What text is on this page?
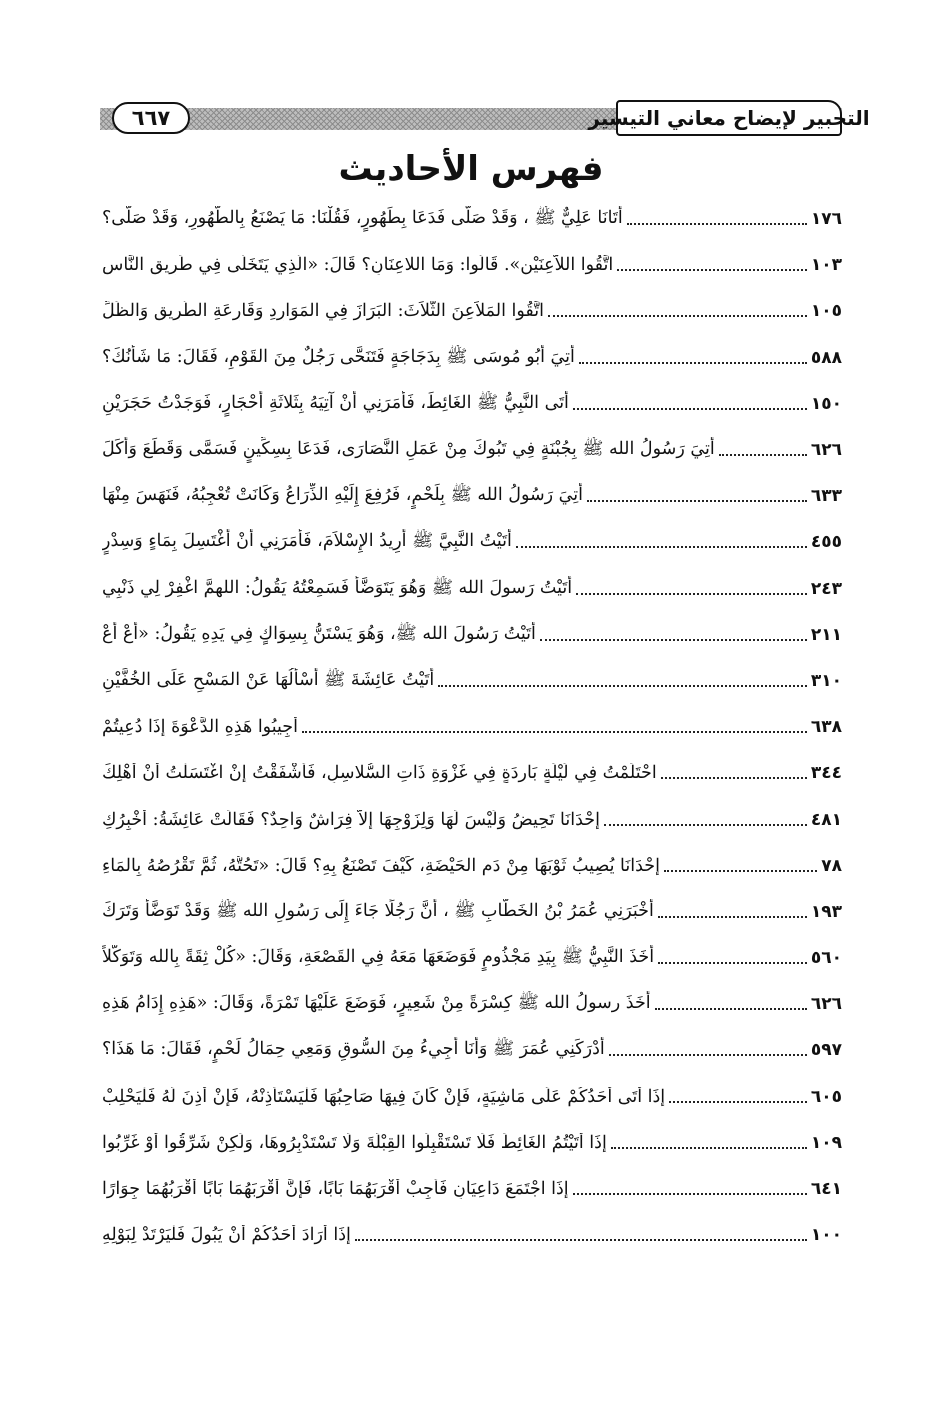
التحبير لإيضاح معاني التيسير
٦٦٧
فهرس الأحاديث
أَتَانَا عَلِيٌّ ﷺ ، وَقَدْ صَلَّى فَدَعَا بِطَهُورٍ، فَقُلْنَا: مَا يَصْنَعُ بِالطَّهُورِ، وَقَدْ صَلَّى؟	١٧٦
اتَّقُوا اللاَّعِنَيْنِ». قَالُوا: وَمَا اللاعِنَانِ؟ قَالَ: «الَّذِي يَتَخَلَّى فِي طَرِيقِ النَّاسِ	١٠٣
اتَّقُوا المَلاَعِنَ الثَّلاَثَ: البَرَازَ فِي المَوَارِدِ وَقَارِعَةِ الطَّرِيقِ وَالظِّلِّ	١٠٥
أُتِيَ أَبُو مُوسَى ﷺ بِدَجَاجَةٍ فَتَنَحَّى رَجُلٌ مِنَ القَوْمِ، فَقَالَ: مَا شَأْنُكَ؟	٥٨٨
أَتَى النَّبِيُّ ﷺ الغَائِطَ، فَأَمَرَنِي أَنْ آتِيَهُ بِثَلاثَةِ أَحْجَارٍ، فَوَجَدْتُ حَجَرَيْنِ	١٥٠
أُتِيَ رَسُولُ الله ﷺ بِجُبْنَةٍ فِي تَبُوكَ مِنْ عَمَلِ النَّصَارَى، فَدَعَا بِسِكِّينٍ فَسَمَّى وَقَطَعَ وَأَكَلَ	٦٢٦
أُتِيَ رَسُولُ الله ﷺ بِلَحْمٍ، فَرُفِعَ إِلَيْهِ الذِّرَاعُ وَكَانَتْ تُعْجِبُهُ، فَنَهَسَ مِنْهَا	٦٣٣
أَتَيْتُ النَّبِيَّ ﷺ أُرِيدُ الإِسْلاَمَ، فَأَمَرَنِي أَنْ أَغْتَسِلَ بِمَاءٍ وَسِدْرٍ	٤٥٥
أَتَيْتُ رَسولَ الله ﷺ وَهُوَ يَتَوَضَّأُ فَسَمِعْتُهُ يَقُولُ: اللهمَّ اغْفِرْ لِي ذَنْبِي	٢٤٣
أَتَيْتُ رَسُولَ الله ﷺ، وَهُوَ يَسْتَنُّ بِسِوَاكٍ فِي يَدِهِ يَقُولُ: «أُعْ أُعْ	٢١١
أَتَيْتُ عَائِشَةَ ﷺ أَسْأَلُهَا عَنْ المَسْحِ عَلَى الخُفَّيْنِ	٣١٠
أَجِيبُوا هَذِهِ الدَّعْوَةَ إِذَا دُعِيتُمْ	٦٣٨
احْتَلَمْتُ فِي لَيْلَةٍ بَارِدَةٍ فِي غَزْوَةِ ذَاتِ السُّلاسِلِ، فَأَشْفَقْتُ إِنْ اغْتَسَلْتُ أَنْ أَهْلِكَ	٣٤٤
إِحْدَانَا تَحِيضُ وَلَيْسَ لَهَا وَلِزَوْجِهَا إِلاَّ فِرَاشٌ وَاحِدٌ؟ فَقَالَتْ عَائِشَةُ: أُخْبِرُكِ	٤٨١
إِحْدَانَا يُصِيبُ ثَوْبَهَا مِنْ دَمِ الحَيْضَةِ، كَيْفَ تَصْنَعُ بِهِ؟ قَالَ: «تَحُتُّهُ، ثُمَّ تَقْرُصُهُ بِالمَاءِ	٧٨
أَخْبَرَنِي عُمَرُ بْنُ الخَطَّابِ ﷺ ، أَنَّ رَجُلًا جَاءَ إِلَى رَسُولِ الله ﷺ وَقَدْ تَوَضَّأَ وَتَرَكَ	١٩٣
أَخَذَ النَّبِيُّ ﷺ بِيَدِ مَجْذُومٍ فَوَضَعَهَا مَعَهُ فِي القَصْعَةِ، وَقَالَ: «كُلْ ثِقَةً بِالله وَتَوَكُّلاً	٥٦٠
أَخَذَ رسولُ الله ﷺ كِسْرَةً مِنْ شَعِيرٍ، فَوَضَعَ عَلَيْهَا تَمْرَةً، وَقَالَ: «هَذِهِ إِدَامُ هَذِهِ	٦٢٦
أَدْرَكَنِي عُمَرَ ﷺ وَأَنَا أَجِيءُ مِنَ السُّوقِ وَمَعِي حِمَالُ لَحْمٍ، فَقَالَ: مَا هَذَا؟	٥٩٧
إِذَا أَتَى أَحَدُكُمْ عَلَى مَاشِيَةٍ، فَإِنْ كَانَ فِيهَا صَاحِبُهَا فَلْيَسْتَأْذِنْهُ، فَإِنْ أَذِنَ لَهُ فَلْيَحْلِبْ	٦٠٥
إِذَا أَتَيْتُمُ الغَائِطَ فَلَا تَسْتَقْبِلُوا القِبْلَةَ وَلَا تَسْتَدْبِرُوهَا، وَلَكِنْ شَرِّقُوا أَوْ غَرِّبُوا	١٠٩
إِذَا اجْتَمَعَ دَاعِيَانِ فَأَجِبْ أَقْرَبَهُمَا بَابًا، فَإِنَّ أَقْرَبَهُمَا بَابًا أَقْرَبُهُمَا جِوَارًا	٦٤١
إِذَا أَرَادَ أَحَدُكُمْ أَنْ يَبُولَ فَلْيَرْتَدْ لِبَوْلِهِ	١٠٠
